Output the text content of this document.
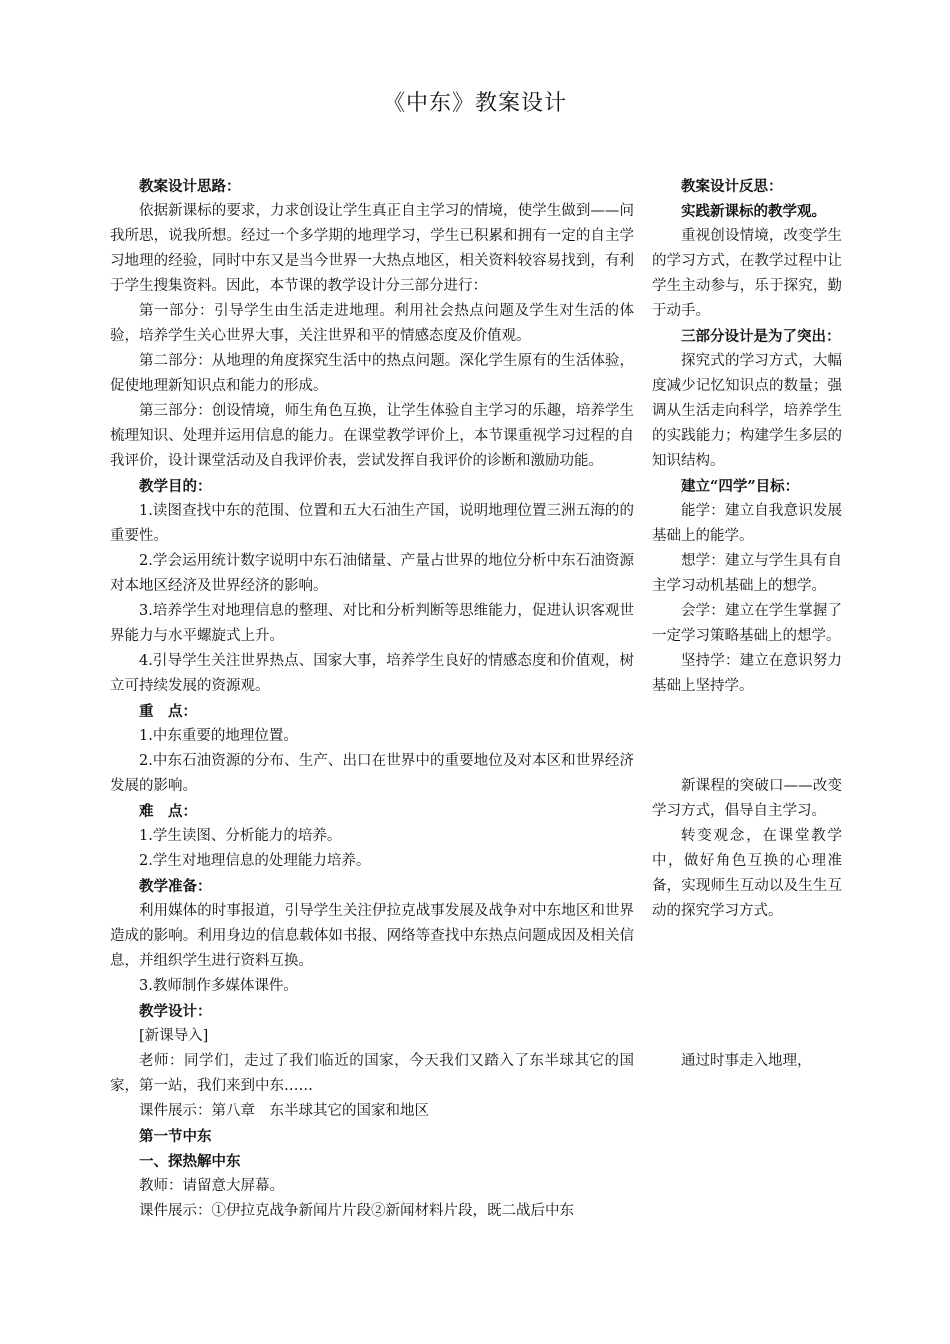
《中东》教案设计

教案设计思路：

依据新课标的要求，力求创设让学生真正自主学习的情境，使学生做到——问我所思，说我所想。经过一个多学期的地理学习，学生已积累和拥有一定的自主学习地理的经验，同时中东又是当今世界一大热点地区，相关资料较容易找到，有利于学生搜集资料。因此，本节课的教学设计分三部分进行：

第一部分：引导学生由生活走进地理。利用社会热点问题及学生对生活的体验，培养学生关心世界大事，关注世界和平的情感态度及价值观。

第二部分：从地理的角度探究生活中的热点问题。深化学生原有的生活体验，促使地理新知识点和能力的形成。

第三部分：创设情境，师生角色互换，让学生体验自主学习的乐趣，培养学生梳理知识、处理并运用信息的能力。在课堂教学评价上，本节课重视学习过程的自我评价，设计课堂活动及自我评价表，尝试发挥自我评价的诊断和激励功能。

教学目的：

1.读图查找中东的范围、位置和五大石油生产国，说明地理位置三洲五海的的重要性。

2.学会运用统计数字说明中东石油储量、产量占世界的地位分析中东石油资源对本地区经济及世界经济的影响。

3.培养学生对地理信息的整理、对比和分析判断等思维能力，促进认识客观世界能力与水平螺旋式上升。

4.引导学生关注世界热点、国家大事，培养学生良好的情感态度和价值观，树立可持续发展的资源观。

重　点：

1.中东重要的地理位置。

2.中东石油资源的分布、生产、出口在世界中的重要地位及对本区和世界经济发展的影响。

难　点：

1.学生读图、分析能力的培养。

2.学生对地理信息的处理能力培养。

教学准备：

利用媒体的时事报道，引导学生关注伊拉克战事发展及战争对中东地区和世界造成的影响。利用身边的信息载体如书报、网络等查找中东热点问题成因及相关信息，并组织学生进行资料互换。

3.教师制作多媒体课件。

教学设计：

[新课导入]

老师：同学们，走过了我们临近的国家，今天我们又踏入了东半球其它的国家，第一站，我们来到中东……

课件展示：第八章　东半球其它的国家和地区

第一节中东

一、探热解中东

教师：请留意大屏幕。

课件展示：①伊拉克战争新闻片片段②新闻材料片段，既二战后中东

教案设计反思：

实践新课标的教学观。

重视创设情境，改变学生的学习方式，在教学过程中让学生主动参与，乐于探究，勤于动手。

三部分设计是为了突出：

探究式的学习方式，大幅度减少记忆知识点的数量；强调从生活走向科学，培养学生的实践能力；构建学生多层的知识结构。

建立“四学”目标：

能学：建立自我意识发展基础上的能学。

想学：建立与学生具有自主学习动机基础上的想学。

会学：建立在学生掌握了一定学习策略基础上的想学。

坚持学：建立在意识努力基础上坚持学。

新课程的突破口——改变学习方式，倡导自主学习。

转变观念，在课堂教学中，做好角色互换的心理准备，实现师生互动以及生生互动的探究学习方式。

通过时事走入地理，
